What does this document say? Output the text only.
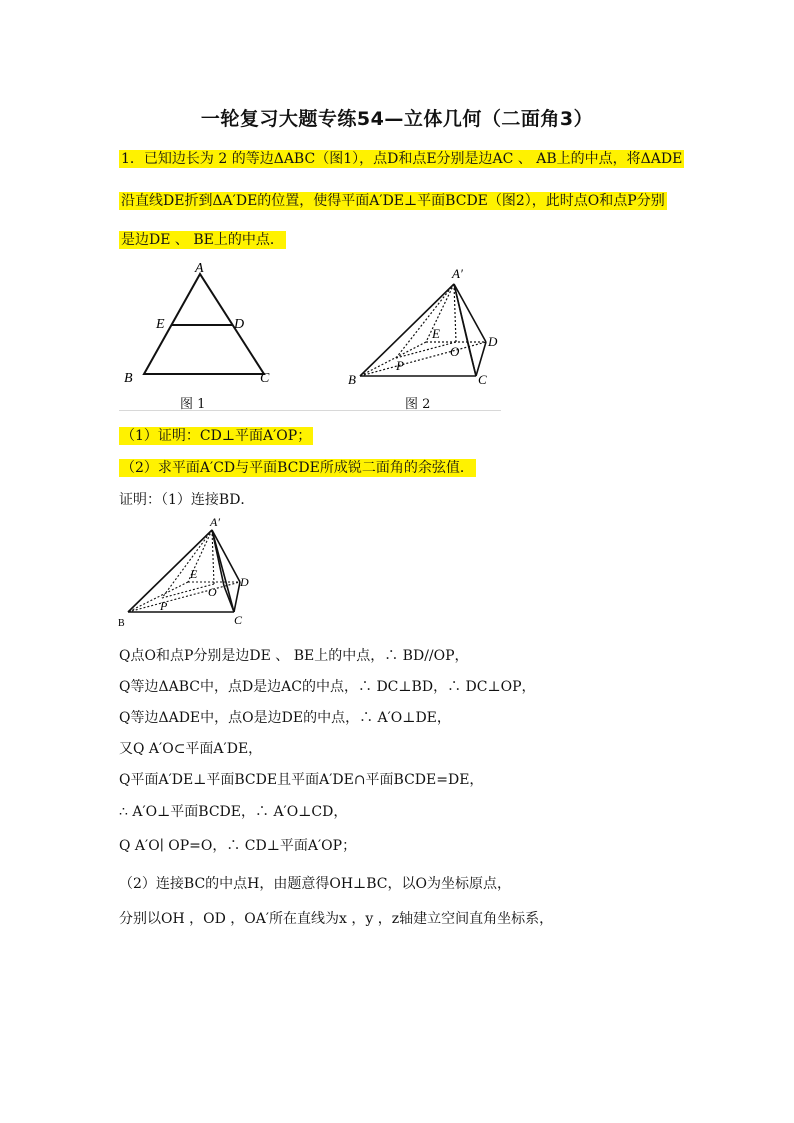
一轮复习大题专练54—立体几何（二面角3）
1．已知边长为 2 的等边ΔABC（图1），点D和点E分别是边AC 、 AB上的中点，将ΔADE
沿直线DE折到ΔA′DE的位置，使得平面A′DE⊥平面BCDE（图2），此时点O和点P分别
是边DE 、 BE上的中点．
A
E	D
B	C
图 1
A′
E
O
D
P
B	C
图 2
（1）证明：CD⊥平面A′OP；
（2）求平面A′CD与平面BCDE所成锐二面角的余弦值．
证明：（1）连接BD．
A′
E
O
D
P
B	C
Q点O和点P分别是边DE 、 BE上的中点，∴ BD//OP，
Q等边ΔABC中，点D是边AC的中点，∴ DC⊥BD，∴ DC⊥OP，
Q等边ΔADE中，点O是边DE的中点，∴ A′O⊥DE，
又Q A′O⊂平面A′DE，
Q平面A′DE⊥平面BCDE且平面A′DE∩平面BCDE=DE，
∴ A′O⊥平面BCDE，∴ A′O⊥CD，
Q A′O∣ OP=O，∴ CD⊥平面A′OP；
（2）连接BC的中点H，由题意得OH⊥BC，以O为坐标原点，
分别以OH ，OD ，OA′所在直线为x ，y ，z轴建立空间直角坐标系，
